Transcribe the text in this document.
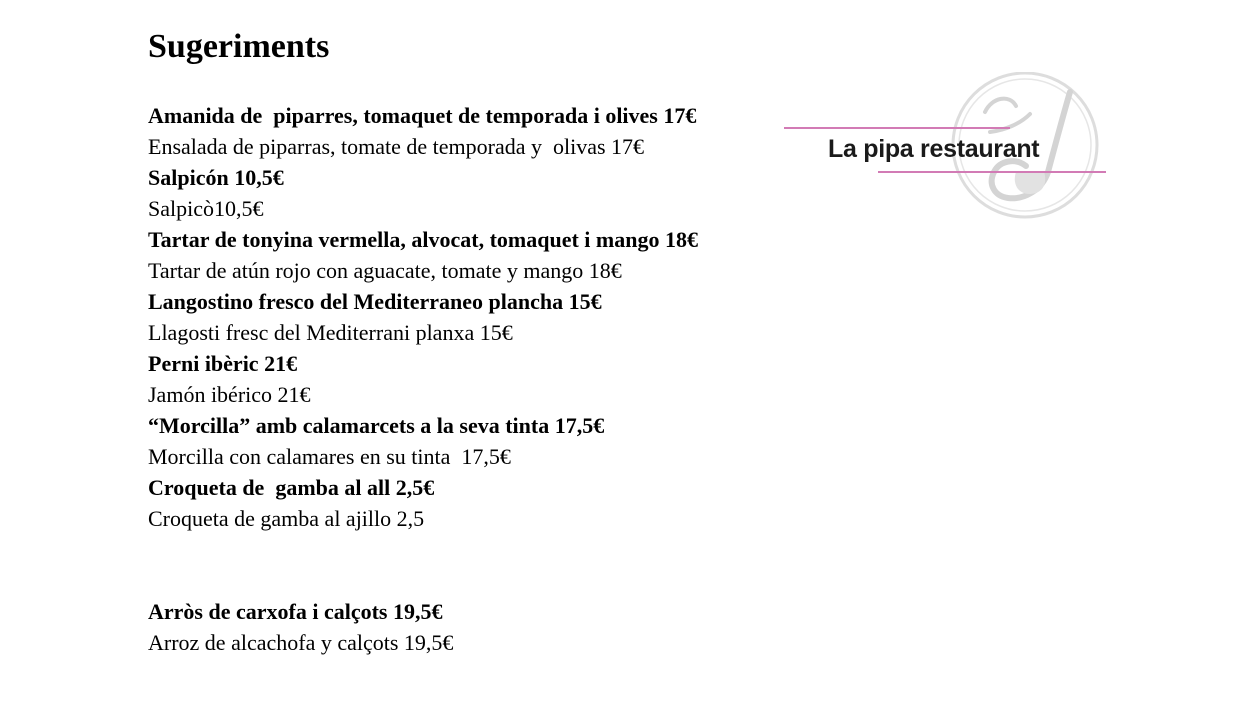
Sugeriments
Amanida de  piparres, tomaquet de temporada i olives 17€
Ensalada de piparras, tomate de temporada y  olivas 17€
Salpicón 10,5€
Salpicò10,5€
Tartar de tonyina vermella, alvocat, tomaquet i mango 18€
Tartar de atún rojo con aguacate, tomate y mango 18€
Langostino fresco del Mediterraneo plancha 15€
Llagosti fresc del Mediterrani planxa 15€
Perni ibèric 21€
Jamón ibérico 21€
“Morcilla” amb calamarcets a la seva tinta 17,5€
Morcilla con calamares en su tinta  17,5€
Croqueta de  gamba al all 2,5€
Croqueta de gamba al ajillo 2,5
Arròs de carxofa i calçots 19,5€
Arroz de alcachofa y calçots 19,5€
La pipa restaurant
